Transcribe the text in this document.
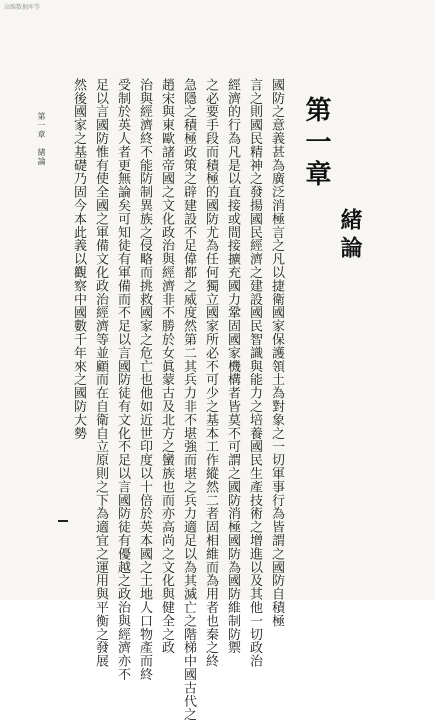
高维数据库等
第一章
緒論
國防之意義甚為廣泛消極言之凡以捷衛國家保護領土為對象之一切軍事行為皆謂之國防自積極
言之則國民精神之發揚國民經濟之建設國民智識與能力之培養國民生產技術之增進以及其他一切政治
經濟的行為凡是以直接或間接擴充國力鞏固國家機構者皆莫不可謂之國防消極國防為國防維制防禦
之必要手段而積極的國防尤為任何獨立國家所必不可少之基本工作縱然二者固相維而為用者也秦之終
急隱之積極政策之辟建設不足偉都之威度然第二其兵力非不堪強而堪之兵力適足以為其滅亡之階梯中國古代之
趙宋與東歐諸帝國之文化政治與經濟非不勝於女眞蒙古及北方之蠻族也而亦高尚之文化與健全之政
治與經濟終不能防制異族之侵略而挑救國家之危亡也他如近世印度以十倍於英本國之土地人口物產而終
受制於英人者更無論矣可知徒有軍備而不足以言國防徒有文化不足以言國防徒有優越之政治與經濟亦不
足以言國防惟有使全國之軍備文化政治經濟等並顧而在自衛自立原則之下為適宜之運用與平衡之發展
然後國家之基礎乃固今本此義以觀察中國數千年來之國防大勢
第一章　緒論
